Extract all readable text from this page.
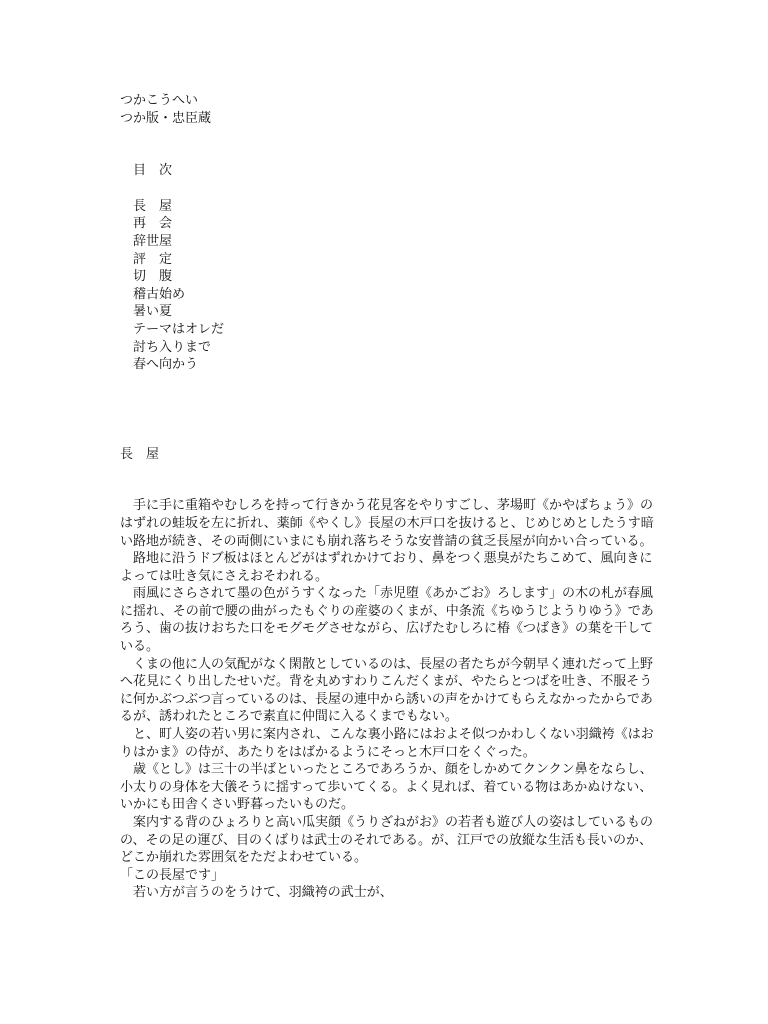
つかこうへい
つか版・忠臣蔵
目　次
長　屋
再　会
辞世屋
評　定
切　腹
稽古始め
暑い夏
テーマはオレだ
討ち入りまで
春へ向かう
長　屋

手に手に重箱やむしろを持って行きかう花見客をやりすごし、茅場町《かやばちょう》のはずれの蛙坂を左に折れ、薬師《やくし》長屋の木戸口を抜けると、じめじめとしたうす暗い路地が続き、その両側にいまにも崩れ落ちそうな安普請の貧乏長屋が向かい合っている。

路地に沿うドブ板はほとんどがはずれかけており、鼻をつく悪臭がたちこめて、風向きによっては吐き気にさえおそわれる。

雨風にさらされて墨の色がうすくなった「赤児堕《あかごお》ろします」の木の札が春風に揺れ、その前で腰の曲がったもぐりの産婆のくまが、中条流《ちゆうじようりゆう》であろう、歯の抜けおちた口をモグモグさせながら、広げたむしろに椿《つばき》の葉を干している。

くまの他に人の気配がなく閑散としているのは、長屋の者たちが今朝早く連れだって上野へ花見にくり出したせいだ。背を丸めすわりこんだくまが、やたらとつばを吐き、不服そうに何かぶつぶつ言っているのは、長屋の連中から誘いの声をかけてもらえなかったからであるが、誘われたところで素直に仲間に入るくまでもない。

と、町人姿の若い男に案内され、こんな裏小路にはおよそ似つかわしくない羽織袴《はおりはかま》の侍が、あたりをはばかるようにそっと木戸口をくぐった。

歳《とし》は三十の半ばといったところであろうか、顔をしかめてクンクン鼻をならし、小太りの身体を大儀そうに揺すって歩いてくる。よく見れば、着ている物はあかぬけない、いかにも田舎くさい野暮ったいものだ。

案内する背のひょろりと高い瓜実顔《うりざねがお》の若者も遊び人の姿はしているものの、その足の運び、目のくばりは武士のそれである。が、江戸での放縦な生活も長いのか、どこか崩れた雰囲気をただよわせている。

「この長屋です」

若い方が言うのをうけて、羽織袴の武士が、
